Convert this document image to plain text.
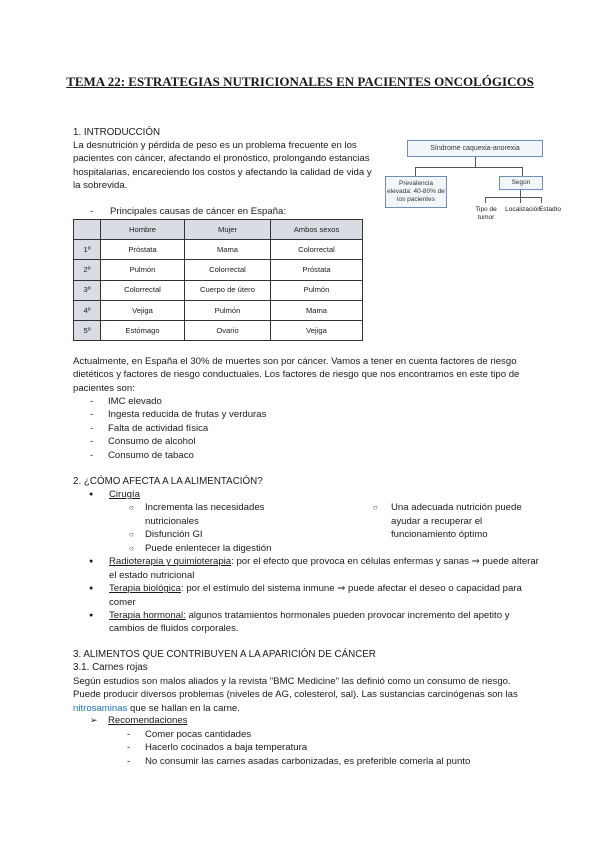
TEMA 22: ESTRATEGIAS NUTRICIONALES EN PACIENTES ONCOLÓGICOS
1. INTRODUCCIÓN
La desnutrición y pérdida de peso es un problema frecuente en los pacientes con cáncer, afectando el pronóstico, prolongando estancias hospitalarias, encareciendo los costos y afectando la calidad de vida y la sobrevida.
Síndrome caquexia-anorexia
Prevalencia elevada: 40-80% de los pacientes
Según
Tipo de tumor
Localización
Estadío
- Principales causas de cáncer en España:
	Hombre	Mujer	Ambos sexos
1º	Próstata	Mama	Colorrectal
2º	Pulmón	Colorrectal	Próstata
3º	Colorrectal	Cuerpo de útero	Pulmón
4º	Vejiga	Pulmón	Mama
5º	Estómago	Ovario	Vejiga
Actualmente, en España el 30% de muertes son por cáncer. Vamos a tener en cuenta factores de riesgo dietéticos y factores de riesgo conductuales. Los factores de riesgo que nos encontramos en este tipo de pacientes son:
- IMC elevado
- Ingesta reducida de frutas y verduras
- Falta de actividad física
- Consumo de alcohol
- Consumo de tabaco
2. ¿CÓMO AFECTA A LA ALIMENTACIÓN?
● Cirugía
○ Incrementa las necesidades nutricionales
○ Disfunción GI
○ Puede enlentecer la digestión
○ Una adecuada nutrición puede ayudar a recuperar el funcionamiento óptimo
● Radioterapia y quimioterapia: por el efecto que provoca en células enfermas y sanas ⇒ puede alterar el estado nutricional
● Terapia biológica: por el estímulo del sistema inmune ⇒ puede afectar el deseo o capacidad para comer
● Terapia hormonal: algunos tratamientos hormonales pueden provocar incremento del apetito y cambios de fluidos corporales.
3. ALIMENTOS QUE CONTRIBUYEN A LA APARICIÓN DE CÁNCER
3.1. Carnes rojas
Según estudios son malos aliados y la revista "BMC Medicine" las definió como un consumo de riesgo. Puede producir diversos problemas (niveles de AG, colesterol, sal). Las sustancias carcinógenas son las nitrosaminas que se hallan en la carne.
➢ Recomendaciones
- Comer pocas cantidades
- Hacerlo cocinados a baja temperatura
- No consumir las carnes asadas carbonizadas, es preferible comerla al punto
